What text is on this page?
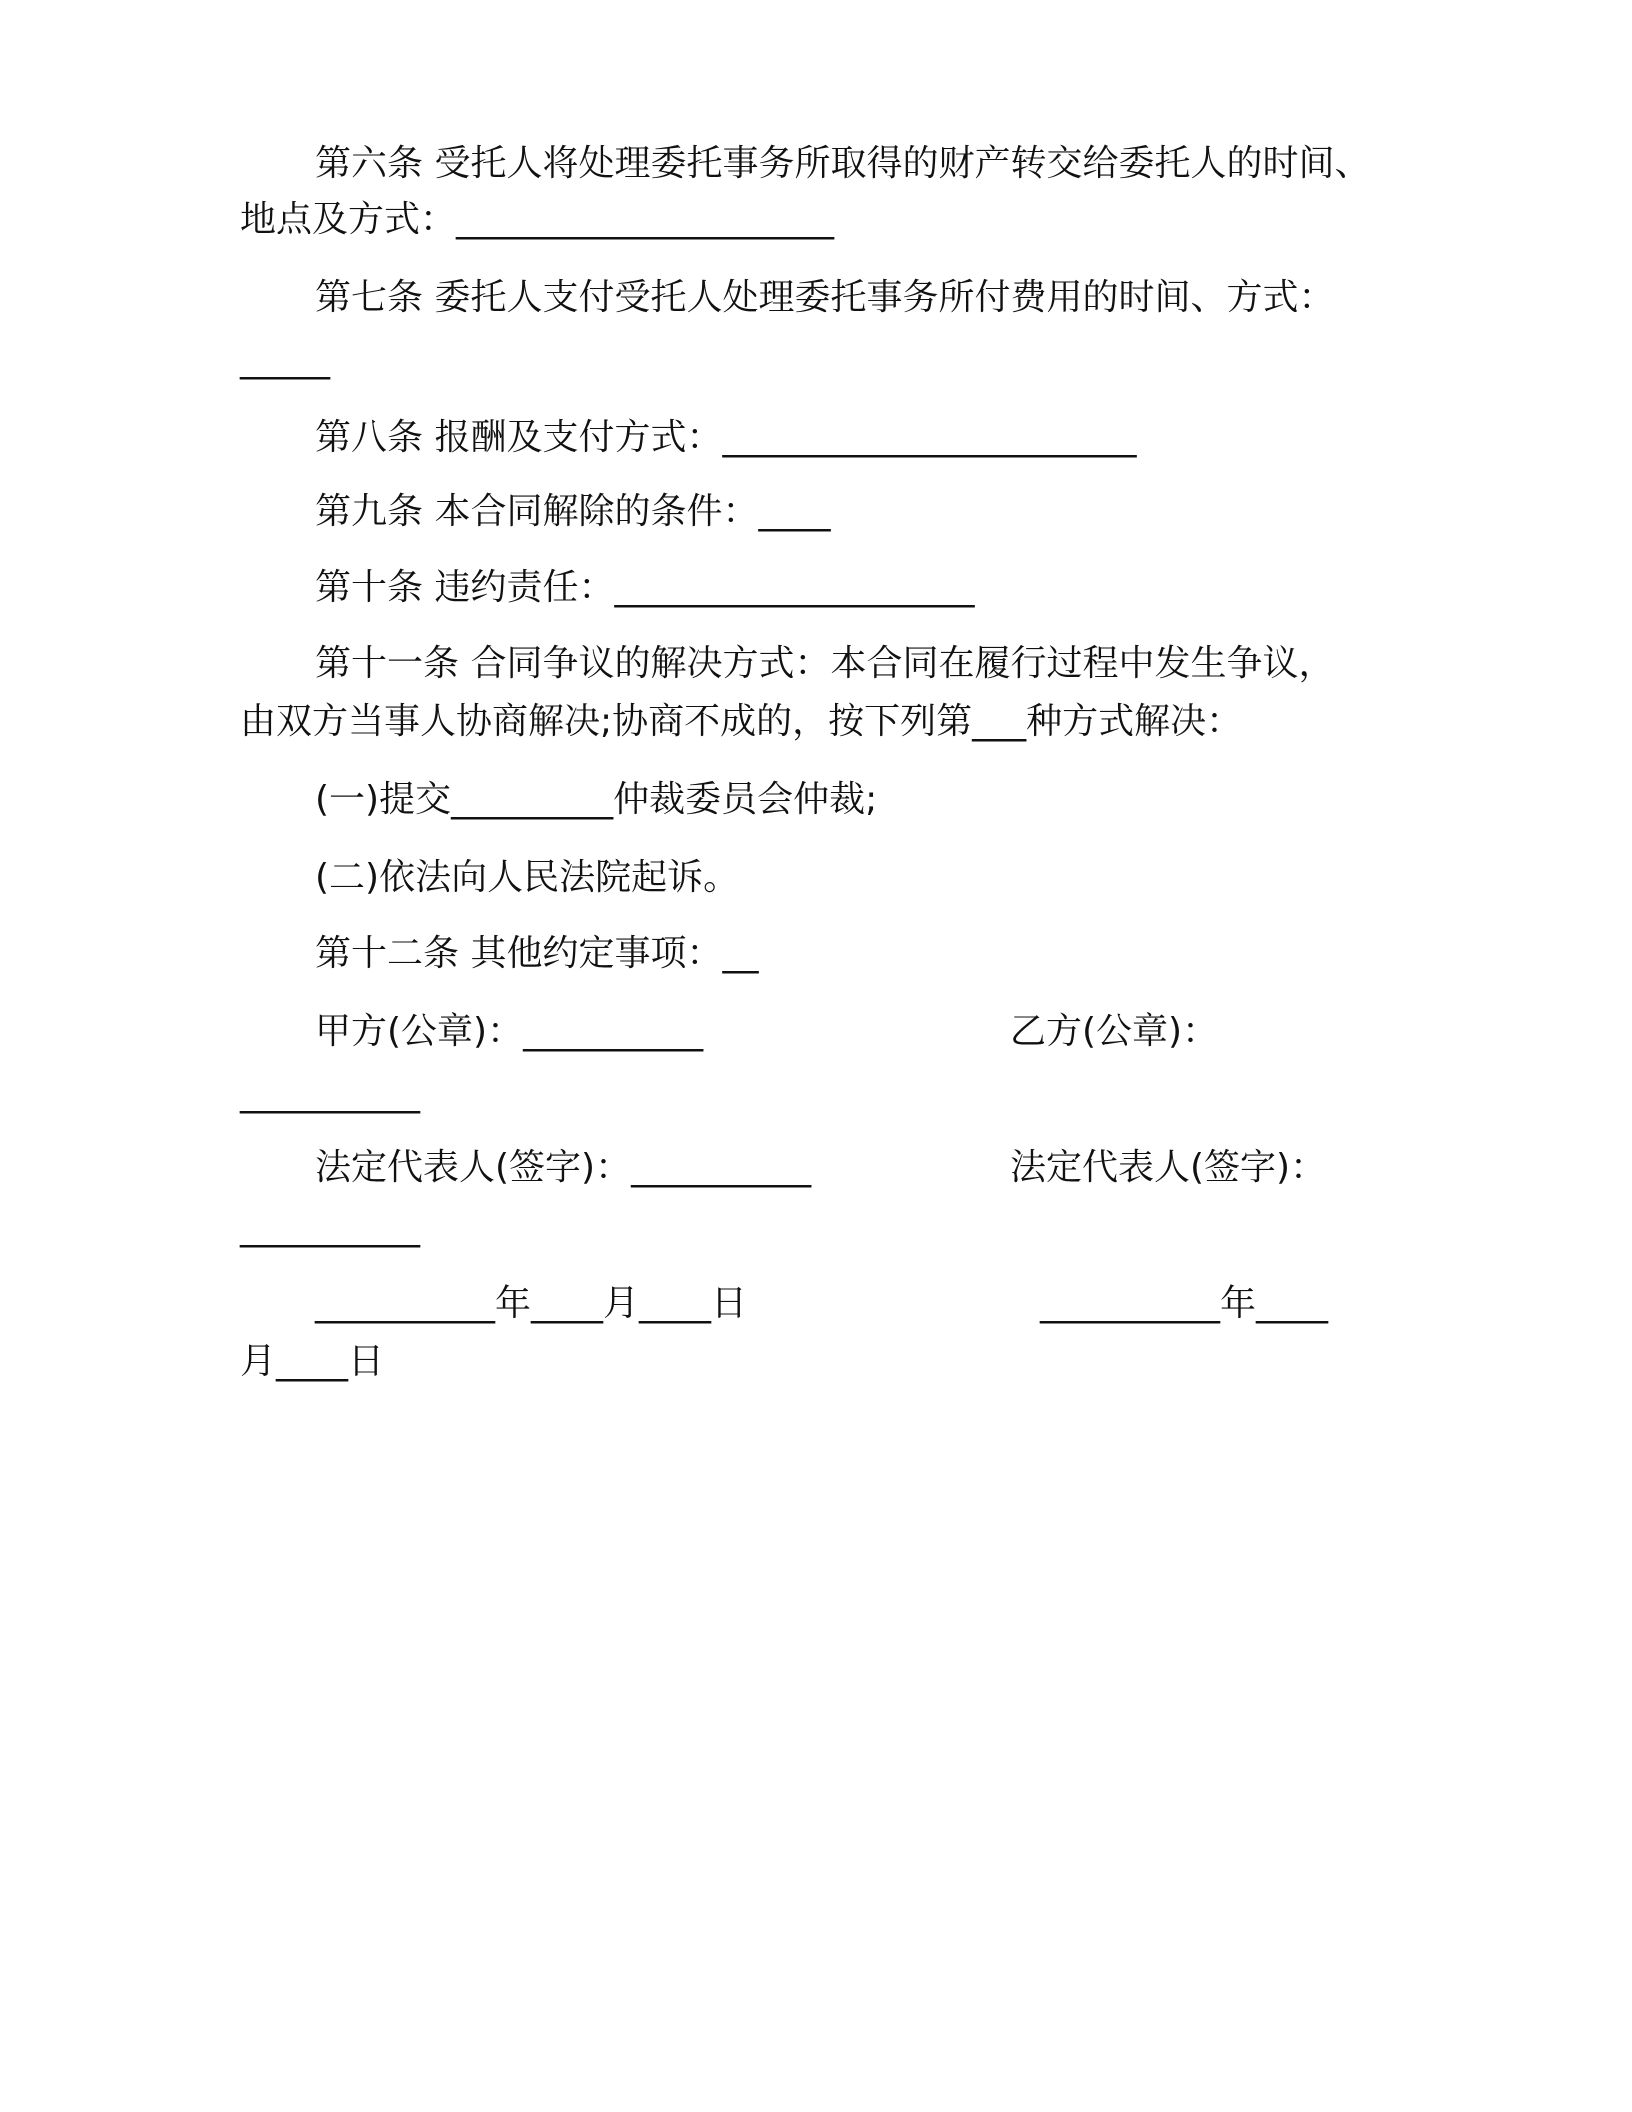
第六条 受托人将处理委托事务所取得的财产转交给委托人的时间、
地点及方式：_____________________
第七条 委托人支付受托人处理委托事务所付费用的时间、方式：
_____
第八条 报酬及支付方式：_______________________
第九条 本合同解除的条件：____
第十条 违约责任：____________________
第十一条 合同争议的解决方式：本合同在履行过程中发生争议，
由双方当事人协商解决;协商不成的，按下列第___种方式解决：
(一)提交_________仲裁委员会仲裁;
(二)依法向人民法院起诉。
第十二条 其他约定事项：__
甲方(公章)：__________	乙方(公章)：
__________
法定代表人(签字)：__________	法定代表人(签字)：
__________
__________年____月____日	__________年____
月____日
